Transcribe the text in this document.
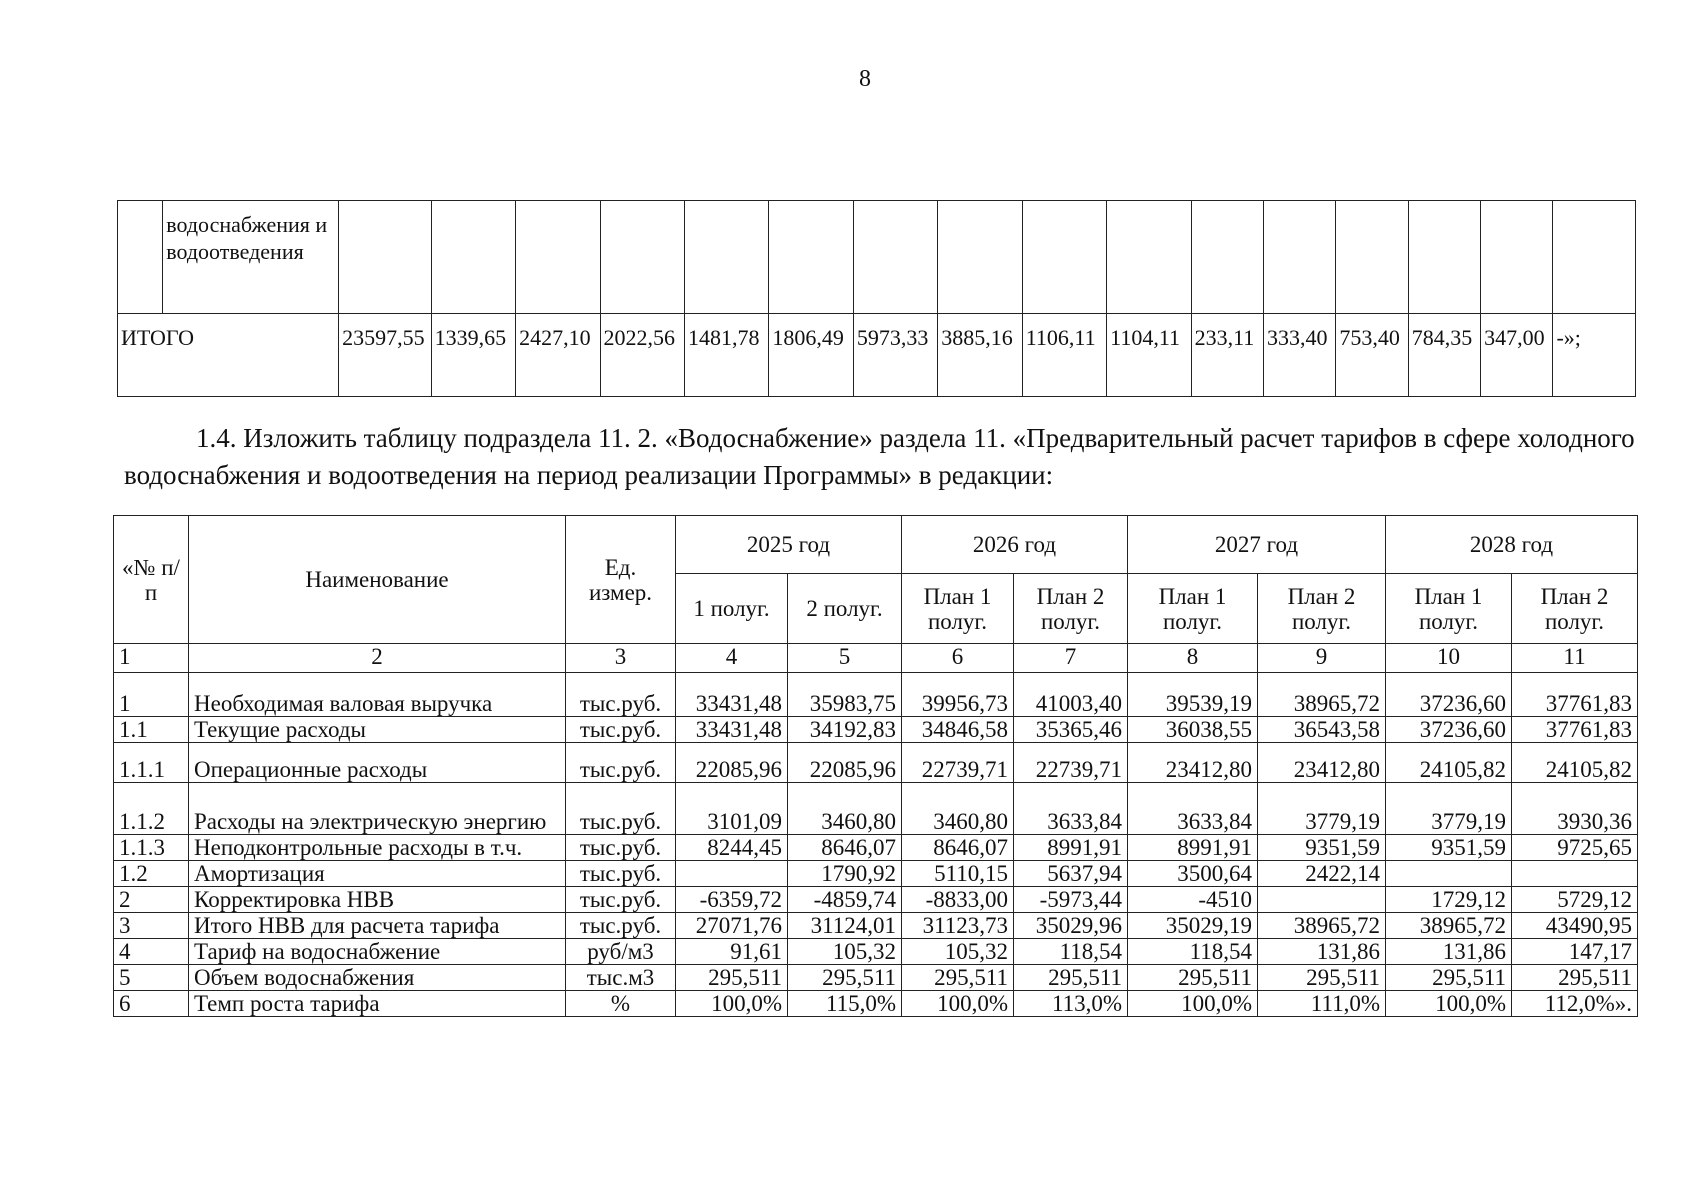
8
	водоснабжения и водоотведения																
ИТОГО		23597,55	1339,65	2427,10	2022,56	1481,78	1806,49	5973,33	3885,16	1106,11	1104,11	233,11	333,40	753,40	784,35	347,00	-»;
1.4. Изложить таблицу подраздела 11. 2. «Водоснабжение» раздела 11. «Предварительный расчет тарифов в сфере холодного водоснабжения и водоотведения на период реализации Программы» в редакции:
«№ п/п	Наименование	Ед. измер.	2025 год		2026 год		2027 год		2028 год	
			1 полуг.	2 полуг.	План 1 полуг.	План 2 полуг.	План 1 полуг.	План 2 полуг.	План 1 полуг.	План 2 полуг.
1	2	3	4	5	6	7	8	9	10	11
1	Необходимая валовая выручка	тыс.руб.	33431,48	35983,75	39956,73	41003,40	39539,19	38965,72	37236,60	37761,83
1.1	Текущие расходы	тыс.руб.	33431,48	34192,83	34846,58	35365,46	36038,55	36543,58	37236,60	37761,83
1.1.1	Операционные расходы	тыс.руб.	22085,96	22085,96	22739,71	22739,71	23412,80	23412,80	24105,82	24105,82
1.1.2	Расходы на электрическую энергию	тыс.руб.	3101,09	3460,80	3460,80	3633,84	3633,84	3779,19	3779,19	3930,36
1.1.3	Неподконтрольные расходы в т.ч.	тыс.руб.	8244,45	8646,07	8646,07	8991,91	8991,91	9351,59	9351,59	9725,65
1.2	Амортизация	тыс.руб.		1790,92	5110,15	5637,94	3500,64	2422,14		
2	Корректировка НВВ	тыс.руб.	-6359,72	-4859,74	-8833,00	-5973,44	-4510		1729,12	5729,12
3	Итого НВВ для расчета тарифа	тыс.руб.	27071,76	31124,01	31123,73	35029,96	35029,19	38965,72	38965,72	43490,95
4	Тариф на водоснабжение	руб/м3	91,61	105,32	105,32	118,54	118,54	131,86	131,86	147,17
5	Объем водоснабжения	тыс.м3	295,511	295,511	295,511	295,511	295,511	295,511	295,511	295,511
6	Темп роста тарифа	%	100,0%	115,0%	100,0%	113,0%	100,0%	111,0%	100,0%	112,0%».
